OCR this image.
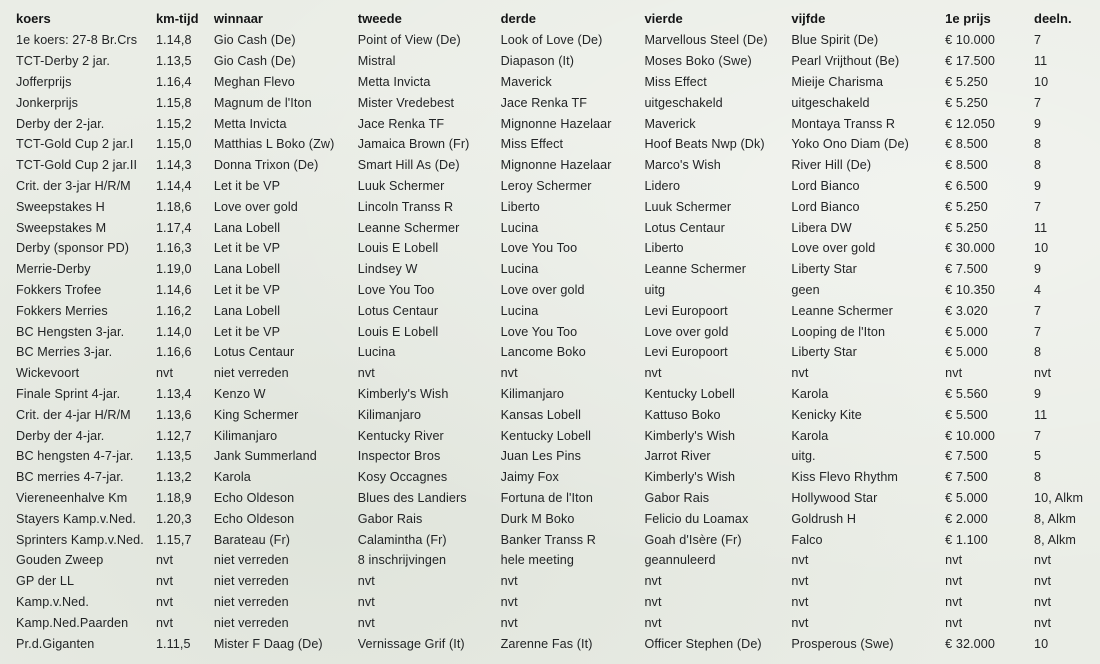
koers	km-tijd	winnaar	tweede	derde	vierde	vijfde	1e prijs	deeln.
1e koers: 27-8 Br.Crs	1.14,8	Gio Cash (De)	Point of View (De)	Look of Love (De)	Marvellous Steel (De)	Blue Spirit (De)	€ 10.000	7
TCT-Derby 2 jar.	1.13,5	Gio Cash (De)	Mistral	Diapason (It)	Moses Boko (Swe)	Pearl Vrijthout (Be)	€ 17.500	11
Jofferprijs	1.16,4	Meghan Flevo	Metta Invicta	Maverick	Miss Effect	Mieije Charisma	€ 5.250	10
Jonkerprijs	1.15,8	Magnum de l'Iton	Mister Vredebest	Jace Renka TF	uitgeschakeld	uitgeschakeld	€ 5.250	7
Derby der 2-jar.	1.15,2	Metta Invicta	Jace Renka TF	Mignonne Hazelaar	Maverick	Montaya Transs R	€ 12.050	9
TCT-Gold Cup 2 jar.I	1.15,0	Matthias L Boko (Zw)	Jamaica Brown (Fr)	Miss Effect	Hoof Beats Nwp (Dk)	Yoko Ono Diam (De)	€ 8.500	8
TCT-Gold Cup 2 jar.II	1.14,3	Donna Trixon (De)	Smart Hill As (De)	Mignonne Hazelaar	Marco's Wish	River Hill (De)	€ 8.500	8
Crit. der 3-jar H/R/M	1.14,4	Let it be VP	Luuk Schermer	Leroy Schermer	Lidero	Lord Bianco	€ 6.500	9
Sweepstakes H	1.18,6	Love over gold	Lincoln Transs R	Liberto	Luuk Schermer	Lord Bianco	€ 5.250	7
Sweepstakes M	1.17,4	Lana Lobell	Leanne Schermer	Lucina	Lotus Centaur	Libera DW	€ 5.250	11
Derby (sponsor PD)	1.16,3	Let it be VP	Louis E Lobell	Love You Too	Liberto	Love over gold	€ 30.000	10
Merrie-Derby	1.19,0	Lana Lobell	Lindsey W	Lucina	Leanne Schermer	Liberty Star	€ 7.500	9
Fokkers Trofee	1.14,6	Let it be VP	Love You Too	Love over gold	uitg	geen	€ 10.350	4
Fokkers Merries	1.16,2	Lana Lobell	Lotus Centaur	Lucina	Levi Europoort	Leanne Schermer	€ 3.020	7
BC Hengsten 3-jar.	1.14,0	Let it be VP	Louis E Lobell	Love You Too	Love over gold	Looping de l'Iton	€ 5.000	7
BC Merries 3-jar.	1.16,6	Lotus Centaur	Lucina	Lancome Boko	Levi Europoort	Liberty Star	€ 5.000	8
Wickevoort	nvt	niet verreden	nvt	nvt	nvt	nvt	nvt	nvt
Finale Sprint 4-jar.	1.13,4	Kenzo W	Kimberly's Wish	Kilimanjaro	Kentucky Lobell	Karola	€ 5.560	9
Crit. der 4-jar H/R/M	1.13,6	King Schermer	Kilimanjaro	Kansas Lobell	Kattuso Boko	Kenicky Kite	€ 5.500	11
Derby der 4-jar.	1.12,7	Kilimanjaro	Kentucky River	Kentucky Lobell	Kimberly's Wish	Karola	€ 10.000	7
BC hengsten 4-7-jar.	1.13,5	Jank Summerland	Inspector Bros	Juan Les Pins	Jarrot River	uitg.	€ 7.500	5
BC merries 4-7-jar.	1.13,2	Karola	Kosy Occagnes	Jaimy Fox	Kimberly's Wish	Kiss Flevo Rhythm	€ 7.500	8
Viereneenhalve Km	1.18,9	Echo Oldeson	Blues des Landiers	Fortuna de l'Iton	Gabor Rais	Hollywood Star	€ 5.000	10, Alkm
Stayers Kamp.v.Ned.	1.20,3	Echo Oldeson	Gabor Rais	Durk M Boko	Felicio du Loamax	Goldrush H	€ 2.000	8, Alkm
Sprinters Kamp.v.Ned.	1.15,7	Barateau (Fr)	Calamintha (Fr)	Banker Transs R	Goah d'Isère (Fr)	Falco	€ 1.100	8, Alkm
Gouden Zweep	nvt	niet verreden	8 inschrijvingen	hele meeting	geannuleerd	nvt	nvt	nvt
GP der LL	nvt	niet verreden	nvt	nvt	nvt	nvt	nvt	nvt
Kamp.v.Ned.	nvt	niet verreden	nvt	nvt	nvt	nvt	nvt	nvt
Kamp.Ned.Paarden	nvt	niet verreden	nvt	nvt	nvt	nvt	nvt	nvt
Pr.d.Giganten	1.11,5	Mister F Daag (De)	Vernissage Grif (It)	Zarenne Fas (It)	Officer Stephen (De)	Prosperous (Swe)	€ 32.000	10
